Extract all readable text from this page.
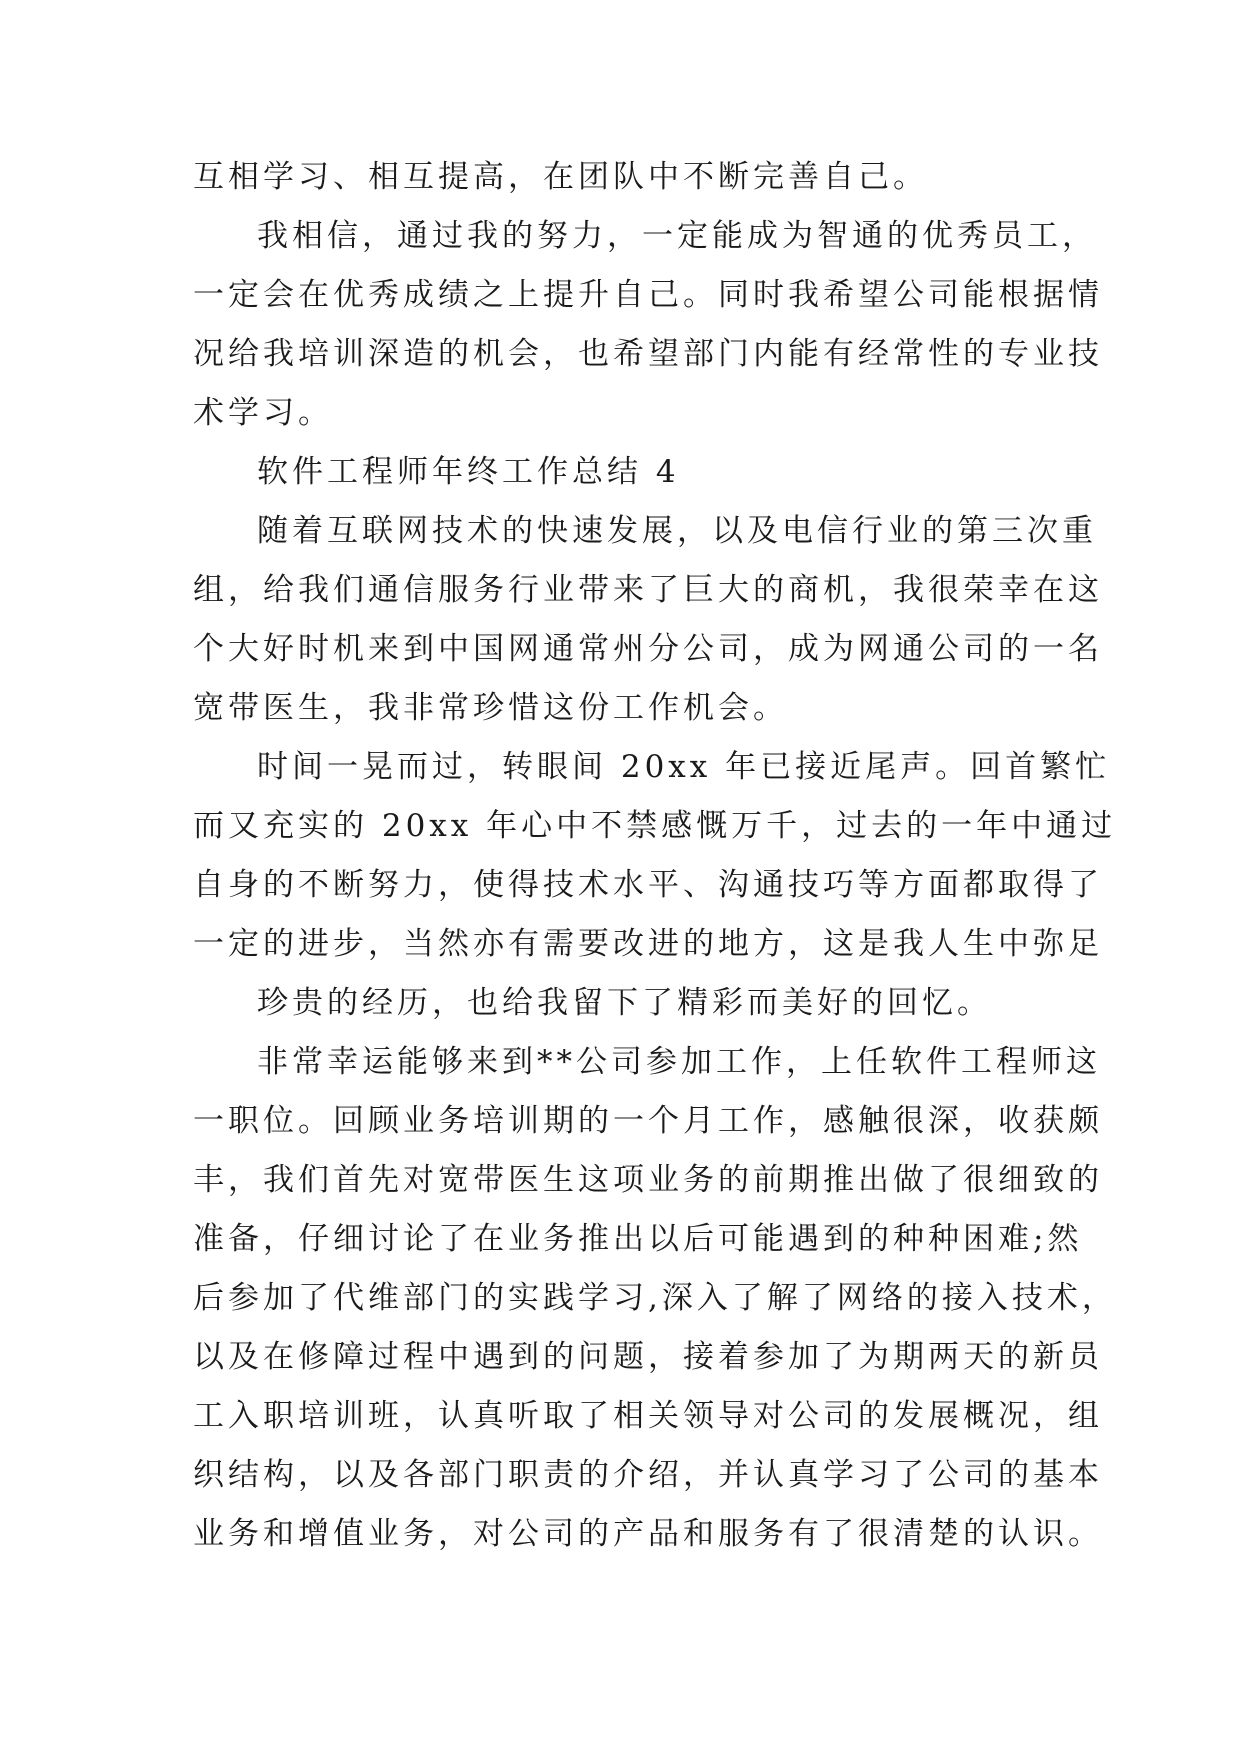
互相学习、相互提高，在团队中不断完善自己。
我相信，通过我的努力，一定能成为智通的优秀员工，
一定会在优秀成绩之上提升自己。同时我希望公司能根据情
况给我培训深造的机会，也希望部门内能有经常性的专业技
术学习。
软件工程师年终工作总结 4
随着互联网技术的快速发展，以及电信行业的第三次重
组，给我们通信服务行业带来了巨大的商机，我很荣幸在这
个大好时机来到中国网通常州分公司，成为网通公司的一名
宽带医生，我非常珍惜这份工作机会。
时间一晃而过，转眼间 20xx 年已接近尾声。回首繁忙
而又充实的 20xx 年心中不禁感慨万千，过去的一年中通过
自身的不断努力，使得技术水平、沟通技巧等方面都取得了
一定的进步，当然亦有需要改进的地方，这是我人生中弥足
珍贵的经历，也给我留下了精彩而美好的回忆。
非常幸运能够来到**公司参加工作，上任软件工程师这
一职位。回顾业务培训期的一个月工作，感触很深，收获颇
丰，我们首先对宽带医生这项业务的前期推出做了很细致的
准备，仔细讨论了在业务推出以后可能遇到的种种困难;然
后参加了代维部门的实践学习,深入了解了网络的接入技术，
以及在修障过程中遇到的问题，接着参加了为期两天的新员
工入职培训班，认真听取了相关领导对公司的发展概况，组
织结构，以及各部门职责的介绍，并认真学习了公司的基本
业务和增值业务，对公司的产品和服务有了很清楚的认识。
